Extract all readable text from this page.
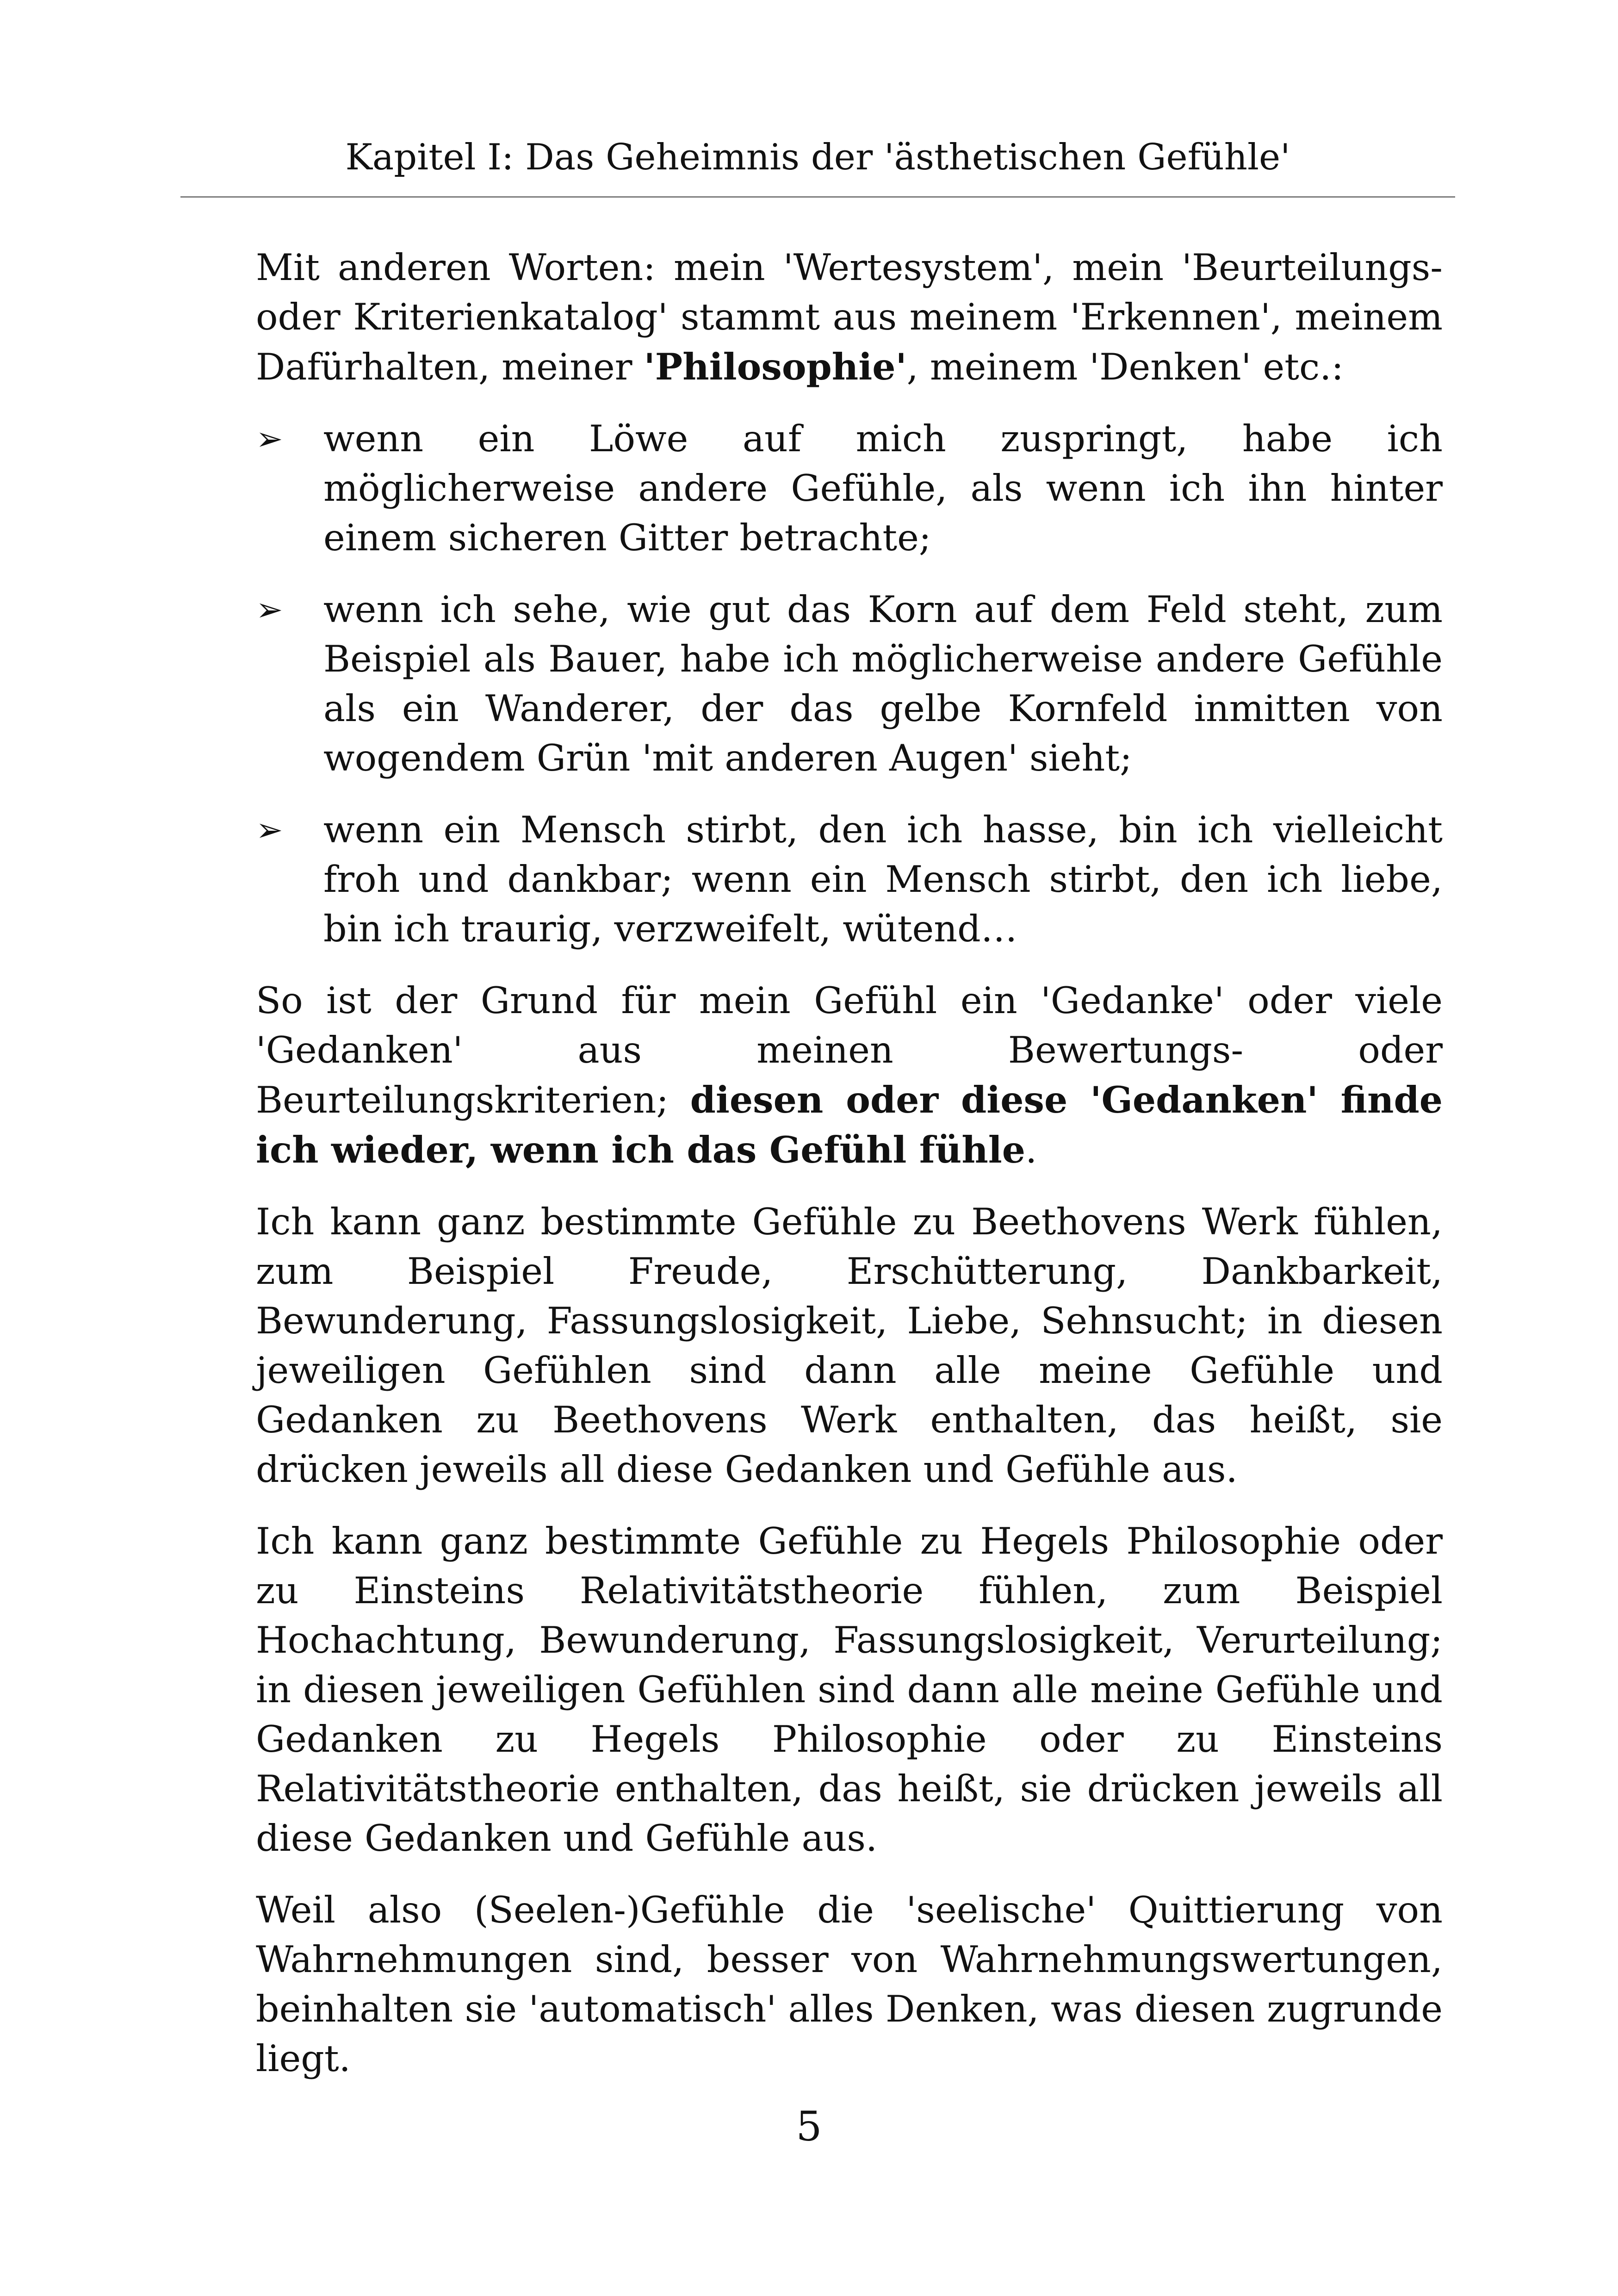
Kapitel I: Das Geheimnis der 'ästhetischen Gefühle'

Mit anderen Worten: mein 'Wertesystem', mein 'Beurteilungs- oder Kriterienkatalog' stammt aus meinem 'Erkennen', meinem Dafürhalten, meiner 'Philosophie', meinem 'Denken' etc.:

➢ wenn ein Löwe auf mich zuspringt, habe ich möglicherweise andere Gefühle, als wenn ich ihn hinter einem sicheren Gitter betrachte;
➢ wenn ich sehe, wie gut das Korn auf dem Feld steht, zum Beispiel als Bauer, habe ich möglicherweise andere Gefühle als ein Wanderer, der das gelbe Kornfeld inmitten von wogendem Grün 'mit anderen Augen' sieht;
➢ wenn ein Mensch stirbt, den ich hasse, bin ich vielleicht froh und dankbar; wenn ein Mensch stirbt, den ich liebe, bin ich traurig, verzweifelt, wütend…

So ist der Grund für mein Gefühl ein 'Gedanke' oder viele 'Gedanken' aus meinen Bewertungs- oder Beurteilungskriterien; diesen oder diese 'Gedanken' finde ich wieder, wenn ich das Gefühl fühle.

Ich kann ganz bestimmte Gefühle zu Beethovens Werk fühlen, zum Beispiel Freude, Erschütterung, Dankbarkeit, Bewunderung, Fassungslosigkeit, Liebe, Sehnsucht; in diesen jeweiligen Gefühlen sind dann alle meine Gefühle und Gedanken zu Beethovens Werk enthalten, das heißt, sie drücken jeweils all diese Gedanken und Gefühle aus.

Ich kann ganz bestimmte Gefühle zu Hegels Philosophie oder zu Einsteins Relativitätstheorie fühlen, zum Beispiel Hochachtung, Bewunderung, Fassungslosigkeit, Verurteilung; in diesen jeweiligen Gefühlen sind dann alle meine Gefühle und Gedanken zu Hegels Philosophie oder zu Einsteins Relativitätstheorie enthalten, das heißt, sie drücken jeweils all diese Gedanken und Gefühle aus.

Weil also (Seelen-)Gefühle die 'seelische' Quittierung von Wahrnehmungen sind, besser von Wahrnehmungswertungen, beinhalten sie 'automatisch' alles Denken, was diesen zugrunde liegt.

5
